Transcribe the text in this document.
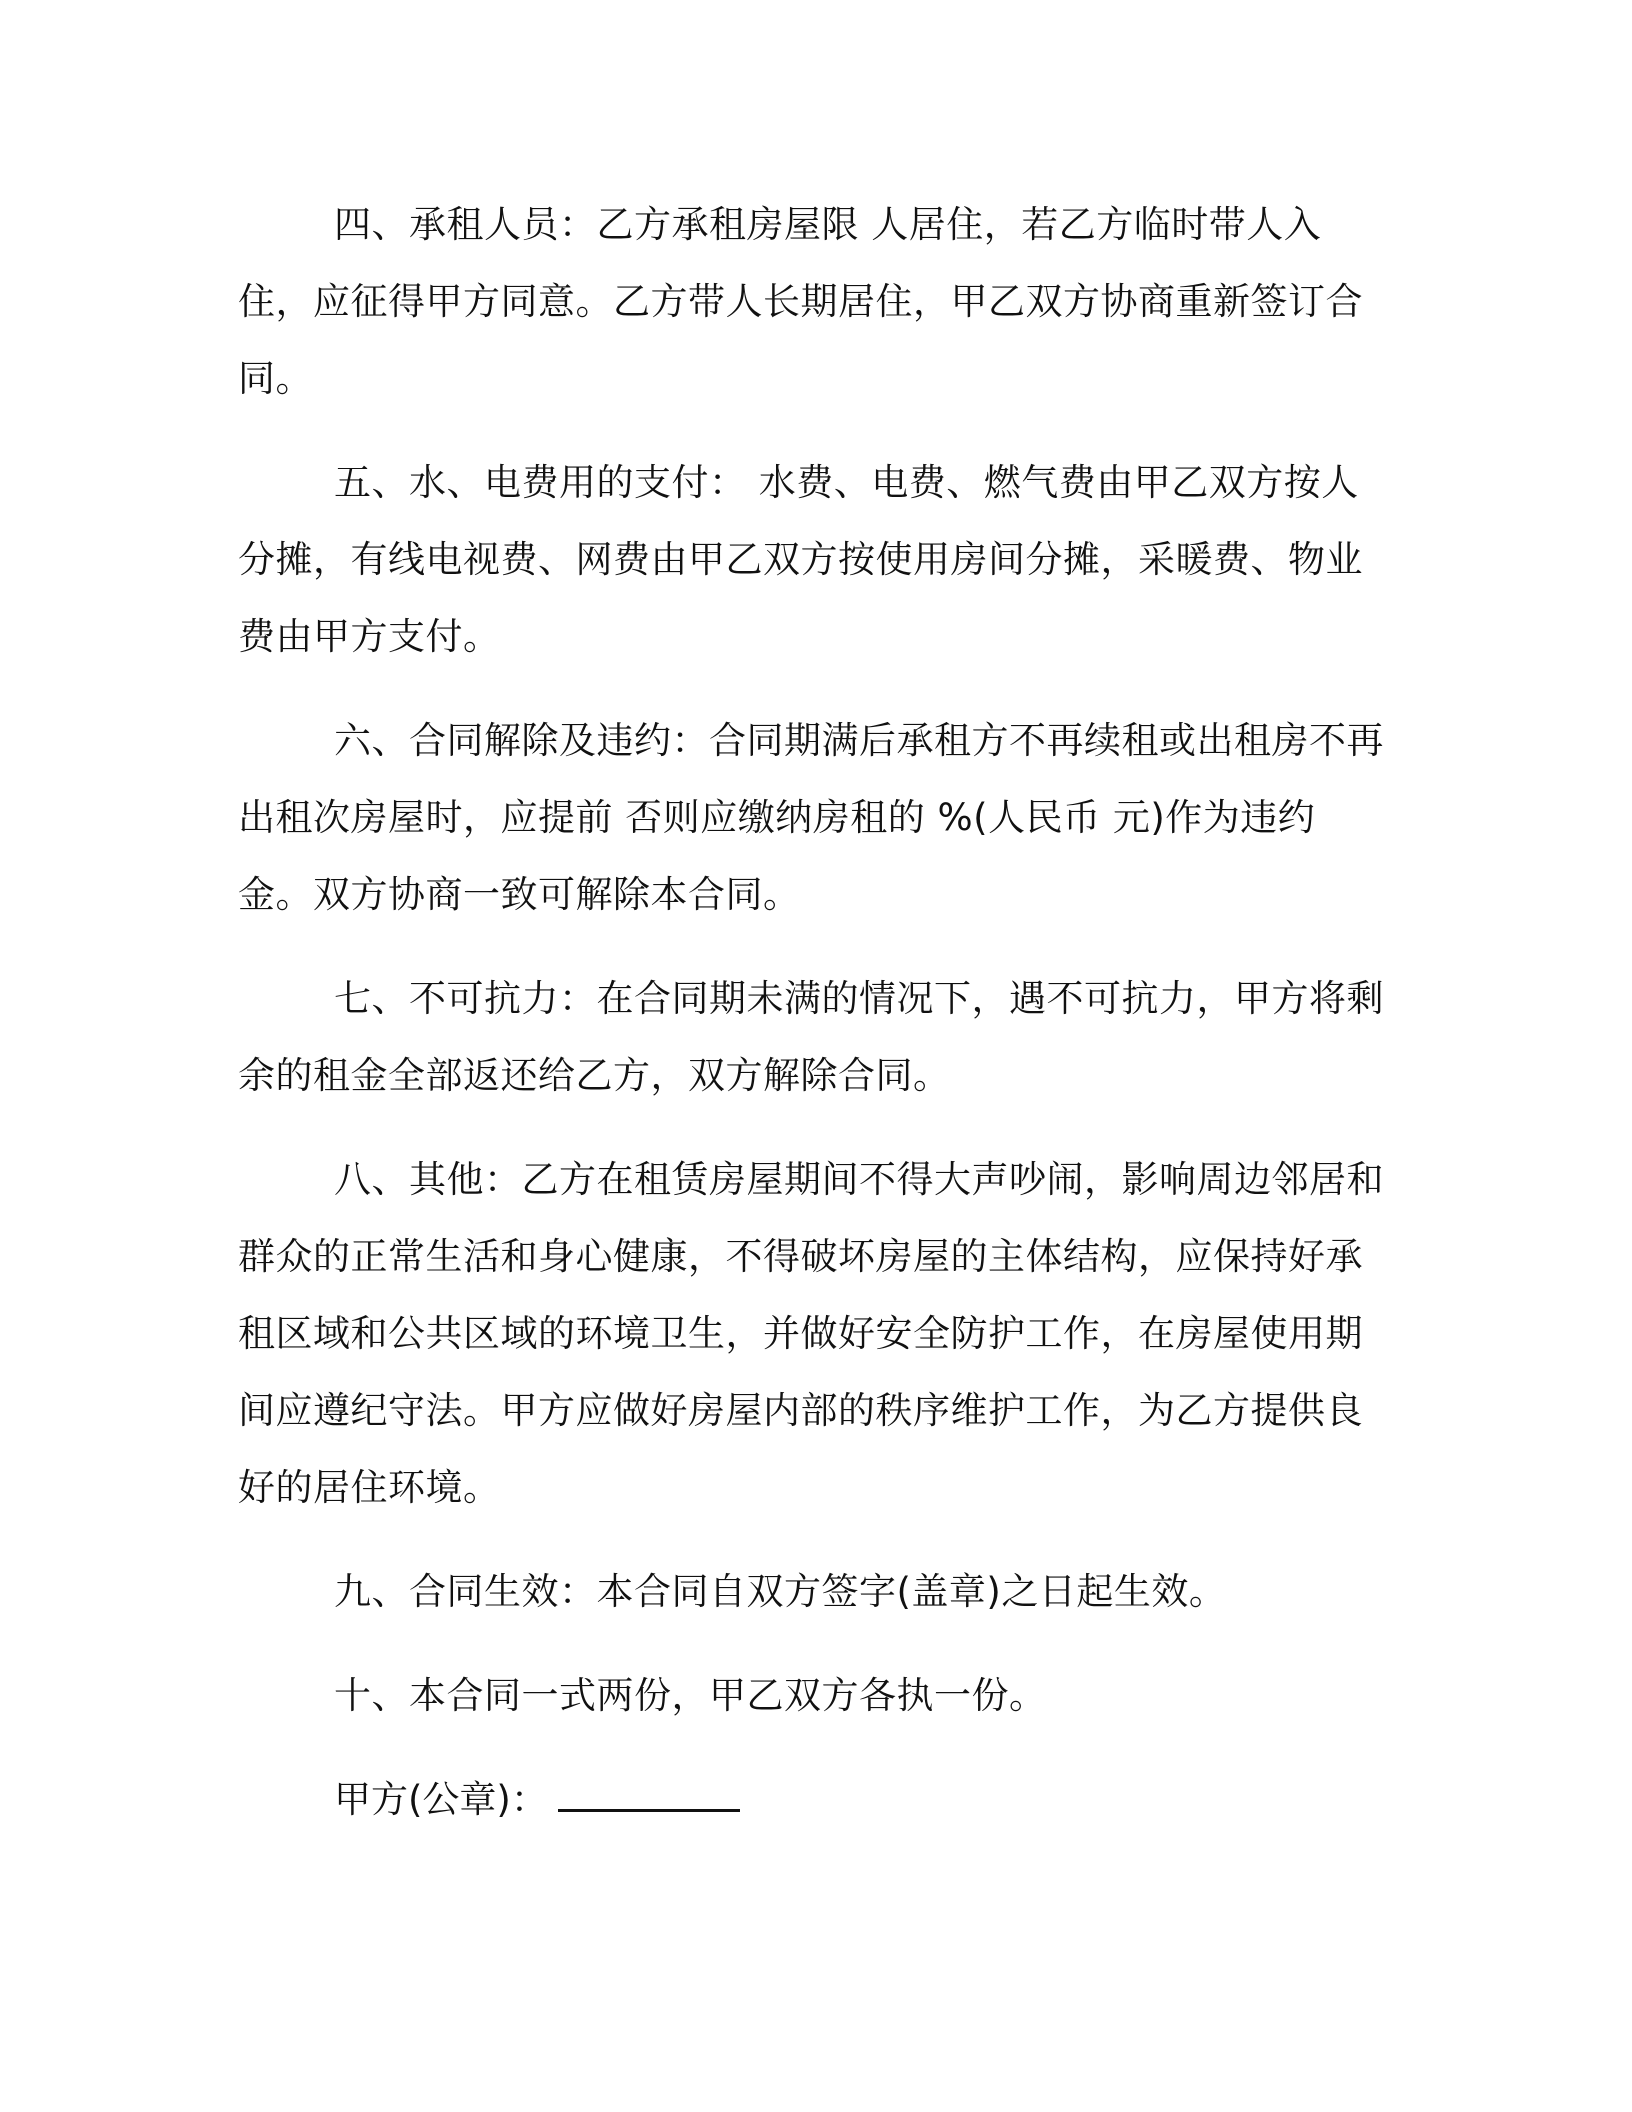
四、承租人员：乙方承租房屋限 人居住，若乙方临时带人入住，应征得甲方同意。乙方带人长期居住，甲乙双方协商重新签订合同。

五、水、电费用的支付： 水费、电费、燃气费由甲乙双方按人分摊，有线电视费、网费由甲乙双方按使用房间分摊，采暖费、物业费由甲方支付。

六、合同解除及违约：合同期满后承租方不再续租或出租房不再出租次房屋时，应提前 否则应缴纳房租的 %(人民币 元)作为违约金。双方协商一致可解除本合同。

七、不可抗力：在合同期未满的情况下，遇不可抗力，甲方将剩余的租金全部返还给乙方，双方解除合同。

八、其他：乙方在租赁房屋期间不得大声吵闹，影响周边邻居和群众的正常生活和身心健康，不得破坏房屋的主体结构，应保持好承租区域和公共区域的环境卫生，并做好安全防护工作，在房屋使用期间应遵纪守法。甲方应做好房屋内部的秩序维护工作，为乙方提供良好的居住环境。

九、合同生效：本合同自双方签字(盖章)之日起生效。

十、本合同一式两份，甲乙双方各执一份。

甲方(公章)：
